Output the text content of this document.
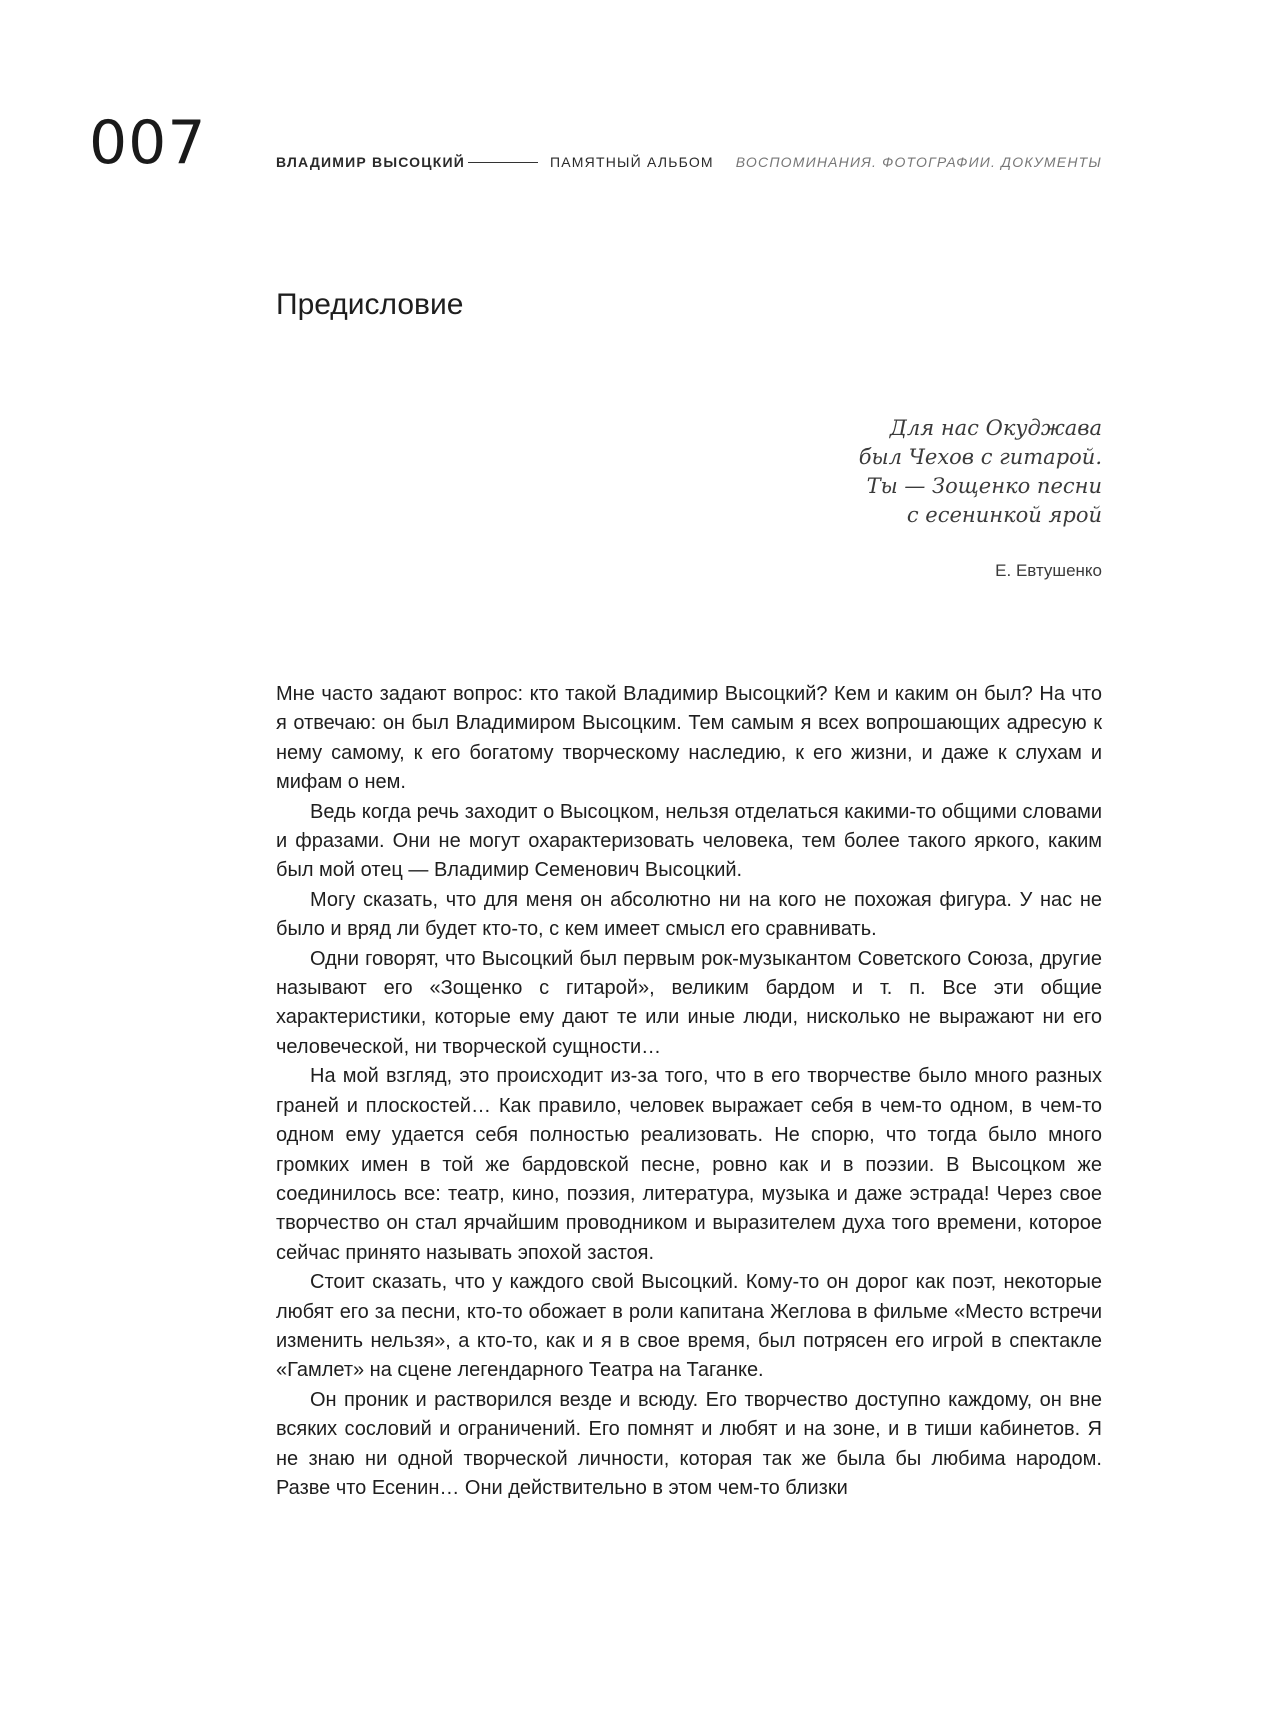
007	ВЛАДИМИР ВЫСОЦКИЙ	ПАМЯТНЫЙ АЛЬБОМ ВОСПОМИНАНИЯ. ФОТОГРАФИИ. ДОКУМЕНТЫ
Предисловие
Для нас Окуджава
был Чехов с гитарой.
Ты — Зощенко песни
с есенинкой ярой
Е. Евтушенко

Мне часто задают вопрос: кто такой Владимир Высоцкий? Кем и каким он был? На что я отвечаю: он был Владимиром Высоцким. Тем самым я всех вопрошающих адресую к нему самому, к его богатому творческому наследию, к его жизни, и даже к слухам и мифам о нем.

Ведь когда речь заходит о Высоцком, нельзя отделаться какими-то общими словами и фразами. Они не могут охарактеризовать человека, тем более такого яркого, каким был мой отец — Владимир Семенович Высоцкий.

Могу сказать, что для меня он абсолютно ни на кого не похожая фигура. У нас не было и вряд ли будет кто-то, с кем имеет смысл его сравнивать.

Одни говорят, что Высоцкий был первым рок-музыкантом Советского Союза, другие называют его «Зощенко с гитарой», великим бардом и т. п. Все эти общие характеристики, которые ему дают те или иные люди, нисколько не выражают ни его человеческой, ни творческой сущности…

На мой взгляд, это происходит из-за того, что в его творчестве было много разных граней и плоскостей… Как правило, человек выражает себя в чем-то одном, в чем-то одном ему удается себя полностью реализовать. Не спорю, что тогда было много громких имен в той же бардовской песне, ровно как и в поэзии. В Высоцком же соединилось все: театр, кино, поэзия, литература, музыка и даже эстрада! Через свое творчество он стал ярчайшим проводником и выразителем духа того времени, которое сейчас принято называть эпохой застоя.

Стоит сказать, что у каждого свой Высоцкий. Кому-то он дорог как поэт, некоторые любят его за песни, кто-то обожает в роли капитана Жеглова в фильме «Место встречи изменить нельзя», а кто-то, как и я в свое время, был потрясен его игрой в спектакле «Гамлет» на сцене легендарного Театра на Таганке.

Он проник и растворился везде и всюду. Его творчество доступно каждому, он вне всяких сословий и ограничений. Его помнят и любят и на зоне, и в тиши кабинетов. Я не знаю ни одной творческой личности, которая так же была бы любима народом. Разве что Есенин… Они действительно в этом чем-то близки
